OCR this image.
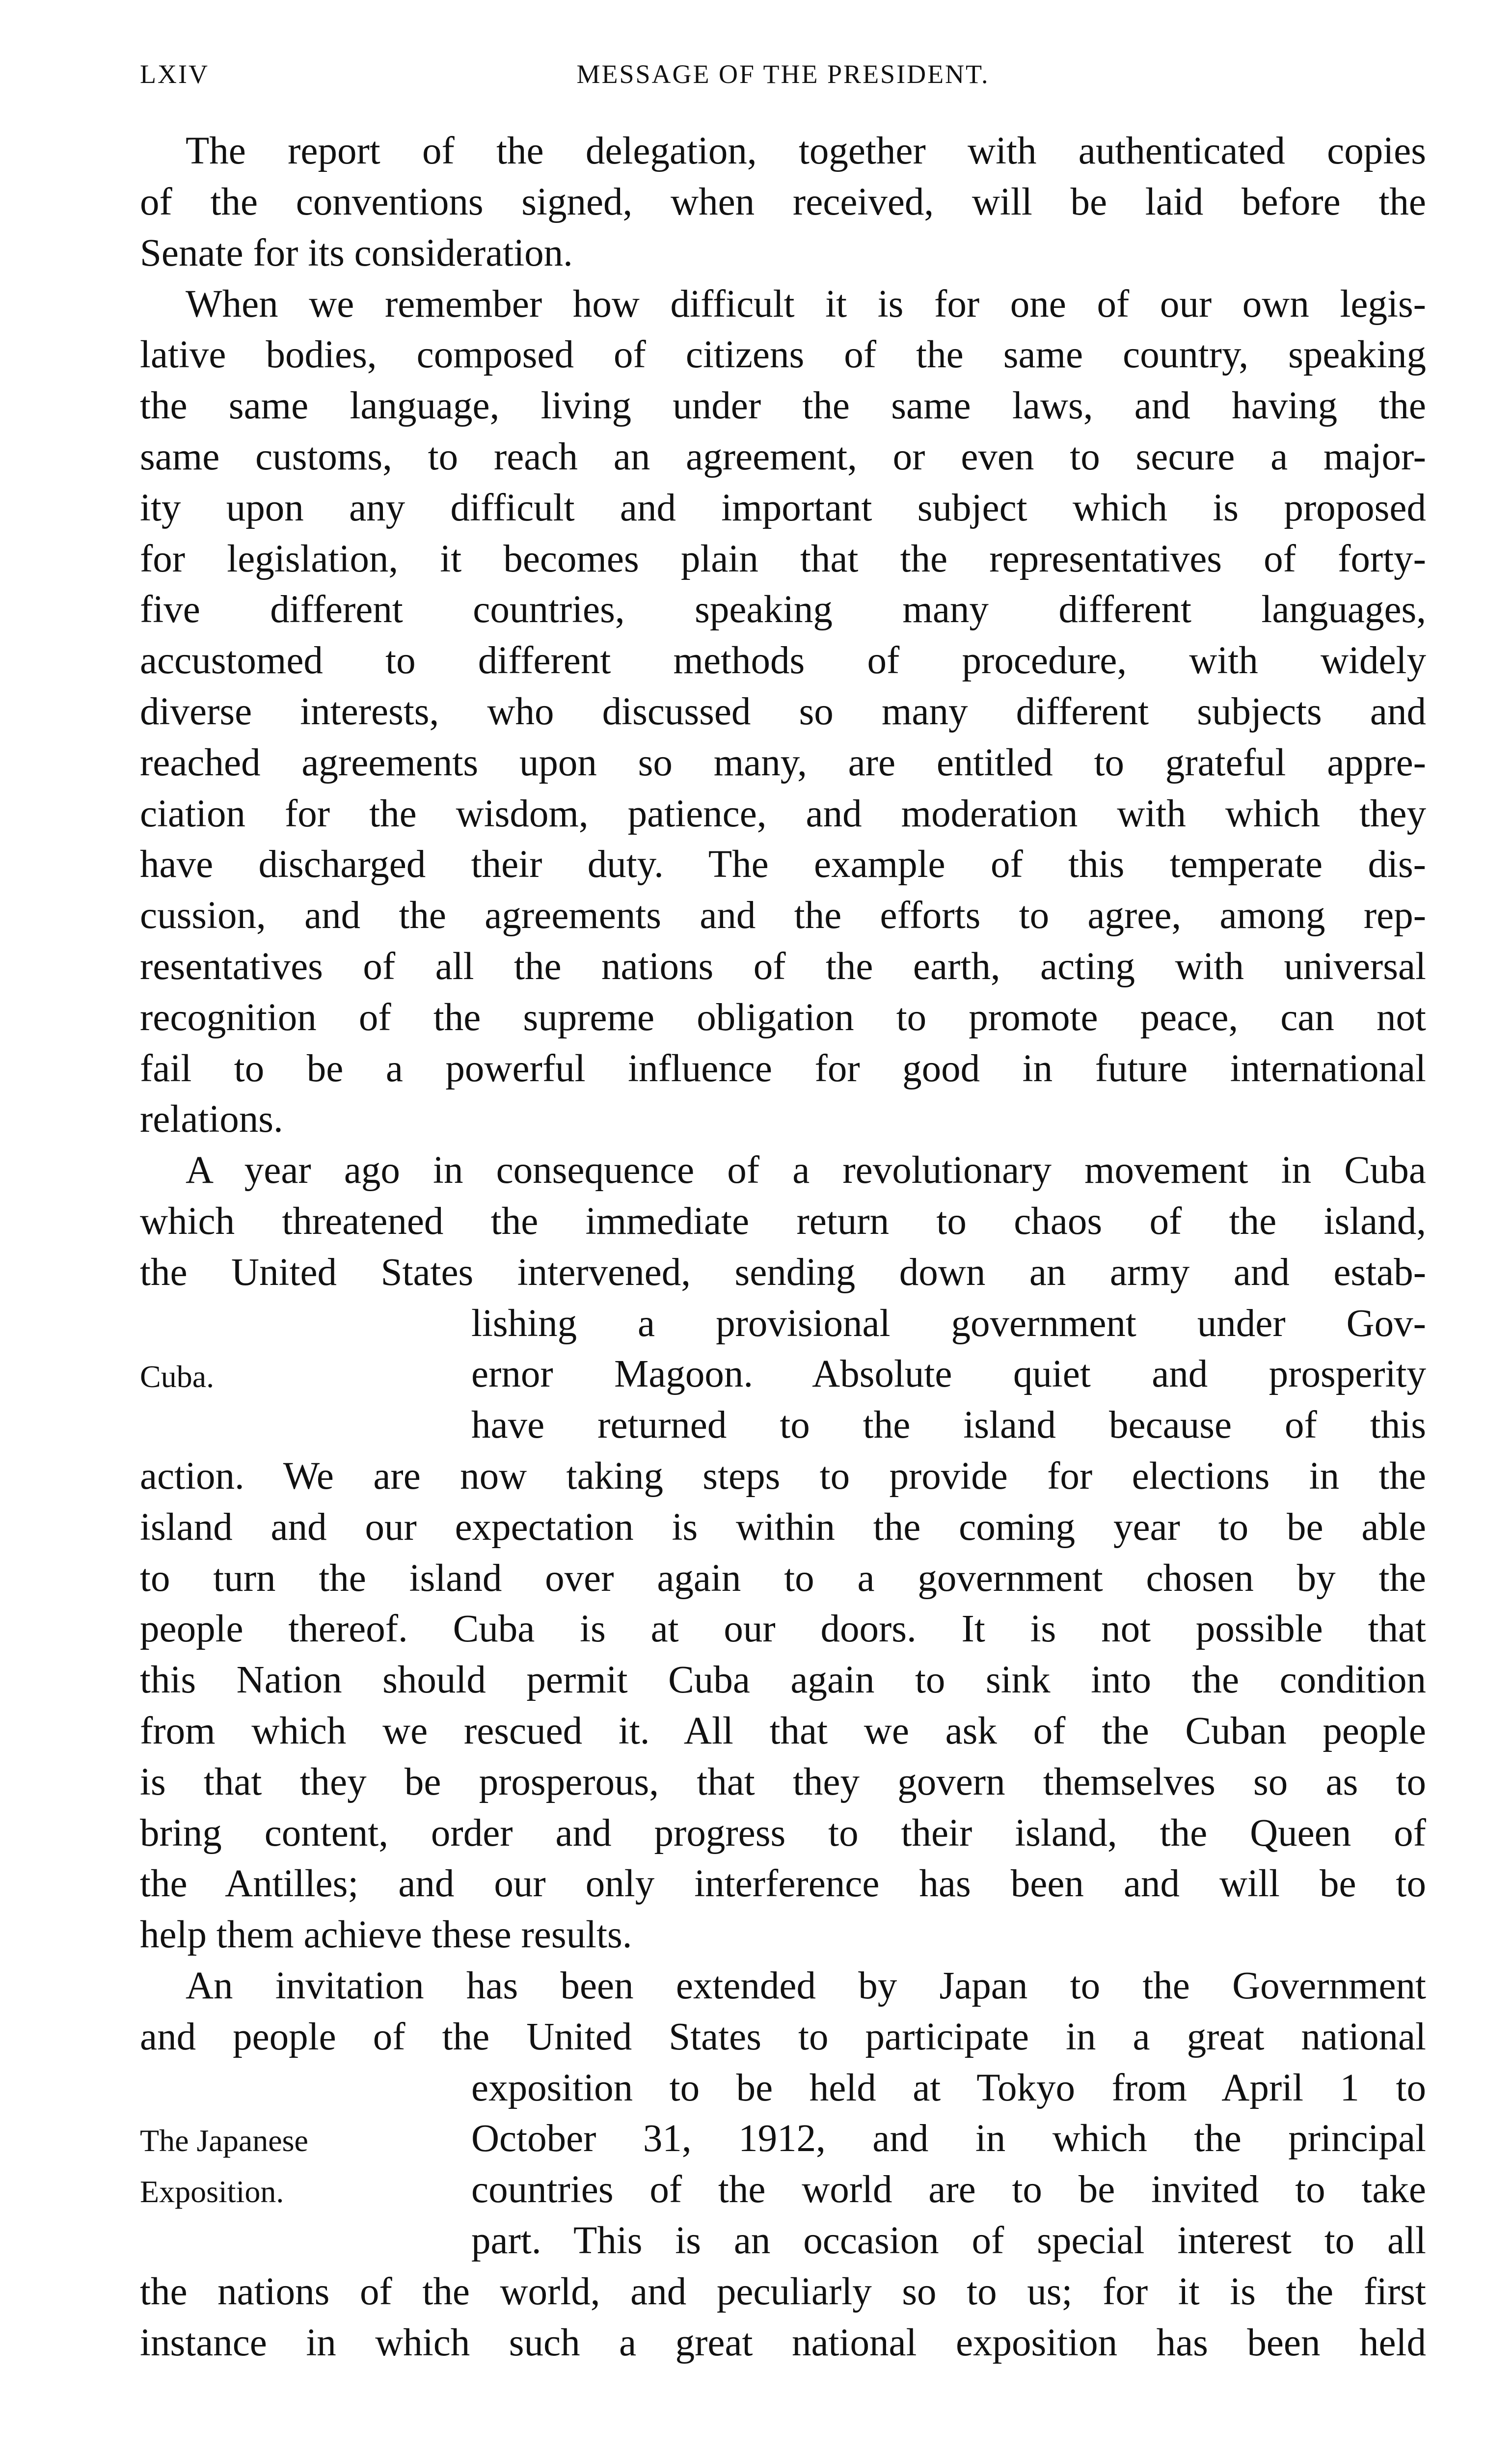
LXIV	MESSAGE OF THE PRESIDENT.
The report of the delegation, together with authenticated copies
of the conventions signed, when received, will be laid before the
Senate for its consideration.
When we remember how difficult it is for one of our own legis-
lative bodies, composed of citizens of the same country, speaking
the same language, living under the same laws, and having the
same customs, to reach an agreement, or even to secure a major-
ity upon any difficult and important subject which is proposed
for legislation, it becomes plain that the representatives of forty-
five different countries, speaking many different languages,
accustomed to different methods of procedure, with widely
diverse interests, who discussed so many different subjects and
reached agreements upon so many, are entitled to grateful appre-
ciation for the wisdom, patience, and moderation with which they
have discharged their duty. The example of this temperate dis-
cussion, and the agreements and the efforts to agree, among rep-
resentatives of all the nations of the earth, acting with universal
recognition of the supreme obligation to promote peace, can not
fail to be a powerful influence for good in future international
relations.
A year ago in consequence of a revolutionary movement in Cuba
which threatened the immediate return to chaos of the island,
the United States intervened, sending down an army and estab-
lishing a provisional government under Gov-
ernor Magoon. Absolute quiet and prosperity
have returned to the island because of this
Cuba.
action. We are now taking steps to provide for elections in the
island and our expectation is within the coming year to be able
to turn the island over again to a government chosen by the
people thereof. Cuba is at our doors. It is not possible that
this Nation should permit Cuba again to sink into the condition
from which we rescued it. All that we ask of the Cuban people
is that they be prosperous, that they govern themselves so as to
bring content, order and progress to their island, the Queen of
the Antilles; and our only interference has been and will be to
help them achieve these results.
An invitation has been extended by Japan to the Government
and people of the United States to participate in a great national
exposition to be held at Tokyo from April 1 to
October 31, 1912, and in which the principal
countries of the world are to be invited to take
part. This is an occasion of special interest to all
The Japanese
Exposition.
the nations of the world, and peculiarly so to us; for it is the first
instance in which such a great national exposition has been held
